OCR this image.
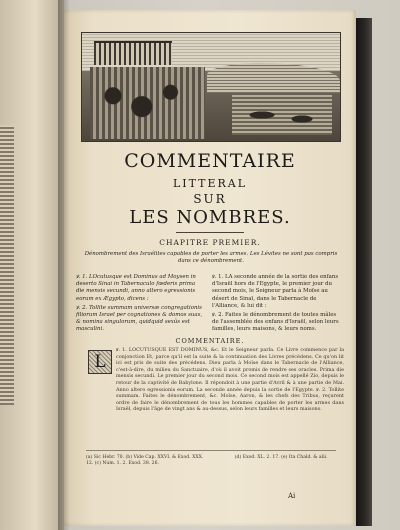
COMMENTAIRE
LITTERAL
SUR
LES NOMBRES.
CHAPITRE PREMIER.
Dénombrement des Israélites capables de porter les armes. Les Lévites ne sont pas compris dans ce dénombrement.

ꝟ. 1. LOcutusque est Dominus ad Moysen in deserto Sinai in Tabernaculo fœderis prima die mensis secundi, anno altero egressionis eorum ex Ægypto, dicens :

ꝟ. 2. Tollite summam universæ congregationis filiorum Israel per cognationes & domos suas, & nomina singulorum, quidquid sexûs est masculini.

ꝟ. 1. LA seconde année de la sortie des enfans d'Israël hors de l'Egypte, le premier jour du second mois, le Seigneur parla à Moïse au désert de Sinaï, dans le Tabernacle de l'Alliance, & lui dit :

ꝟ. 2. Faites le dénombrement de toutes mâles de l'assemblée des enfans d'Israël, selon leurs familles, leurs maisons, & leurs noms.

COMMENTAIRE.
ꝟ. 1. LOCUTUSQUE EST DOMINUS, &c. Et le Seigneur parla. Ce Livre commence par la conjonction Et, parce qu'il est la suite & la continuation des Livres précédens. Ce qu'on lit ici est pris de suite des précédens. Dieu parla à Moïse dans le Tabernacle de l'Alliance, c'est-à-dire, du milieu du Sanctuaire, d'où il avoit promis de rendre ses oracles. Prima die mensis secundi. Le premier jour du second mois. Ce second mois est appellé Zio, depuis le retour de la captivité de Babylone. Il répondoit à une partie d'Avril & à une partie de Mai. Anno altero egressionis eorum. La seconde année depuis la sortie de l'Egypte. ꝟ. 2. Tollite summam. Faites le dénombrement, &c. Moïse, Aaron, & les chefs des Tribus, reçurent ordre de faire le dénombrement de tous les hommes capables de porter les armes dans Israël, depuis l'âge de vingt ans & au-dessus, selon leurs familles et leurs maisons.
L
(a) Sic Hebr. 70. (b) Vide Cap. XXVI. & Exod. XXX. 12. (c) Num. 1. 2. Exod. 38. 26. (d) Exod. XL. 2. 17. (e) Ita Chald. & alii.
Ai
